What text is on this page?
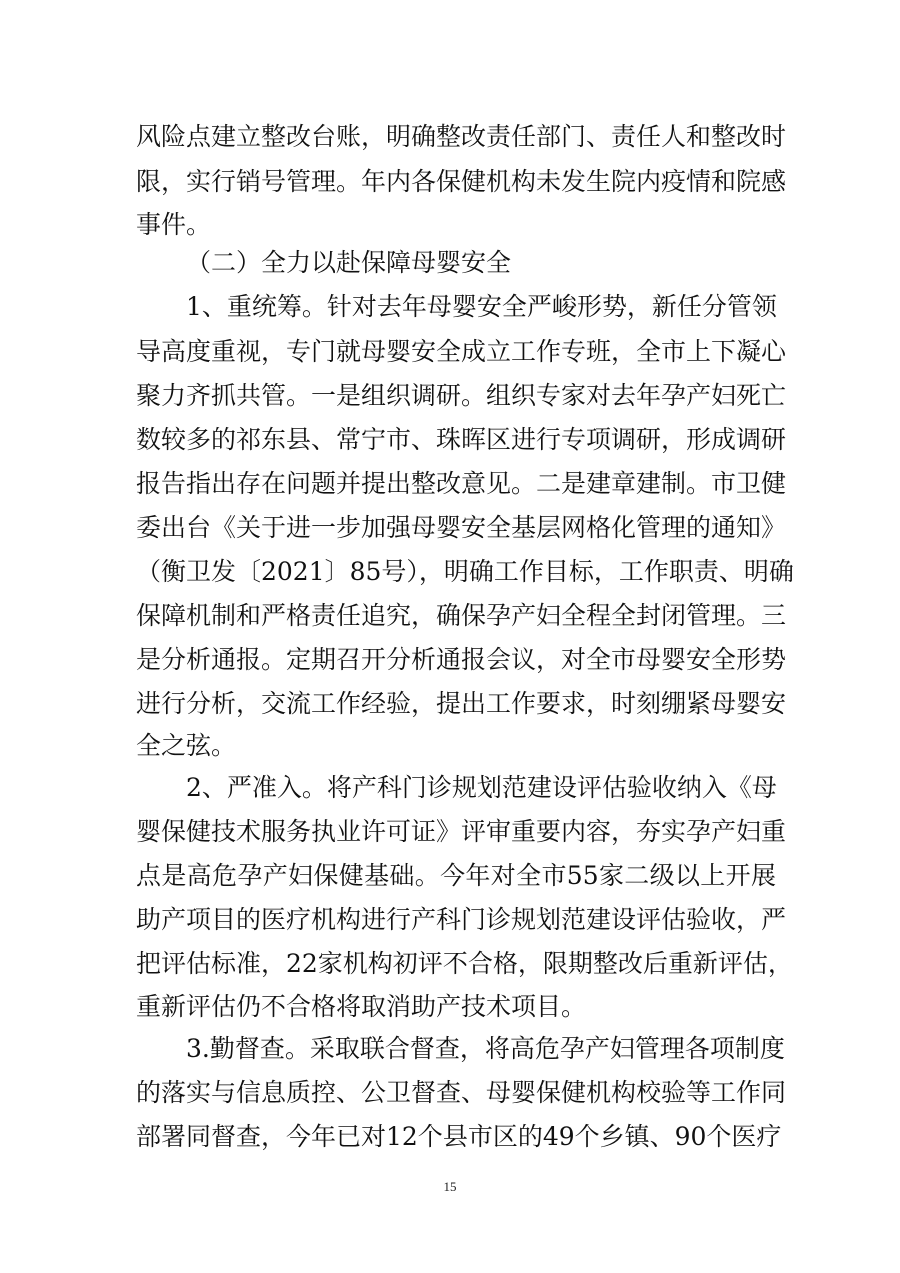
风险点建立整改台账，明确整改责任部门、责任人和整改时
限，实行销号管理。年内各保健机构未发生院内疫情和院感
事件。
（二）全力以赴保障母婴安全
1、重统筹。针对去年母婴安全严峻形势，新任分管领
导高度重视，专门就母婴安全成立工作专班，全市上下凝心
聚力齐抓共管。一是组织调研。组织专家对去年孕产妇死亡
数较多的祁东县、常宁市、珠晖区进行专项调研，形成调研
报告指出存在问题并提出整改意见。二是建章建制。市卫健
委出台《关于进一步加强母婴安全基层网格化管理的通知》
（衡卫发〔2021〕85号），明确工作目标，工作职责、明确
保障机制和严格责任追究，确保孕产妇全程全封闭管理。三
是分析通报。定期召开分析通报会议，对全市母婴安全形势
进行分析，交流工作经验，提出工作要求，时刻绷紧母婴安
全之弦。
2、严准入。将产科门诊规划范建设评估验收纳入《母
婴保健技术服务执业许可证》评审重要内容，夯实孕产妇重
点是高危孕产妇保健基础。今年对全市55家二级以上开展
助产项目的医疗机构进行产科门诊规划范建设评估验收，严
把评估标准，22家机构初评不合格，限期整改后重新评估，
重新评估仍不合格将取消助产技术项目。
3.勤督查。采取联合督查，将高危孕产妇管理各项制度
的落实与信息质控、公卫督查、母婴保健机构校验等工作同
部署同督查，今年已对12个县市区的49个乡镇、90个医疗
15
